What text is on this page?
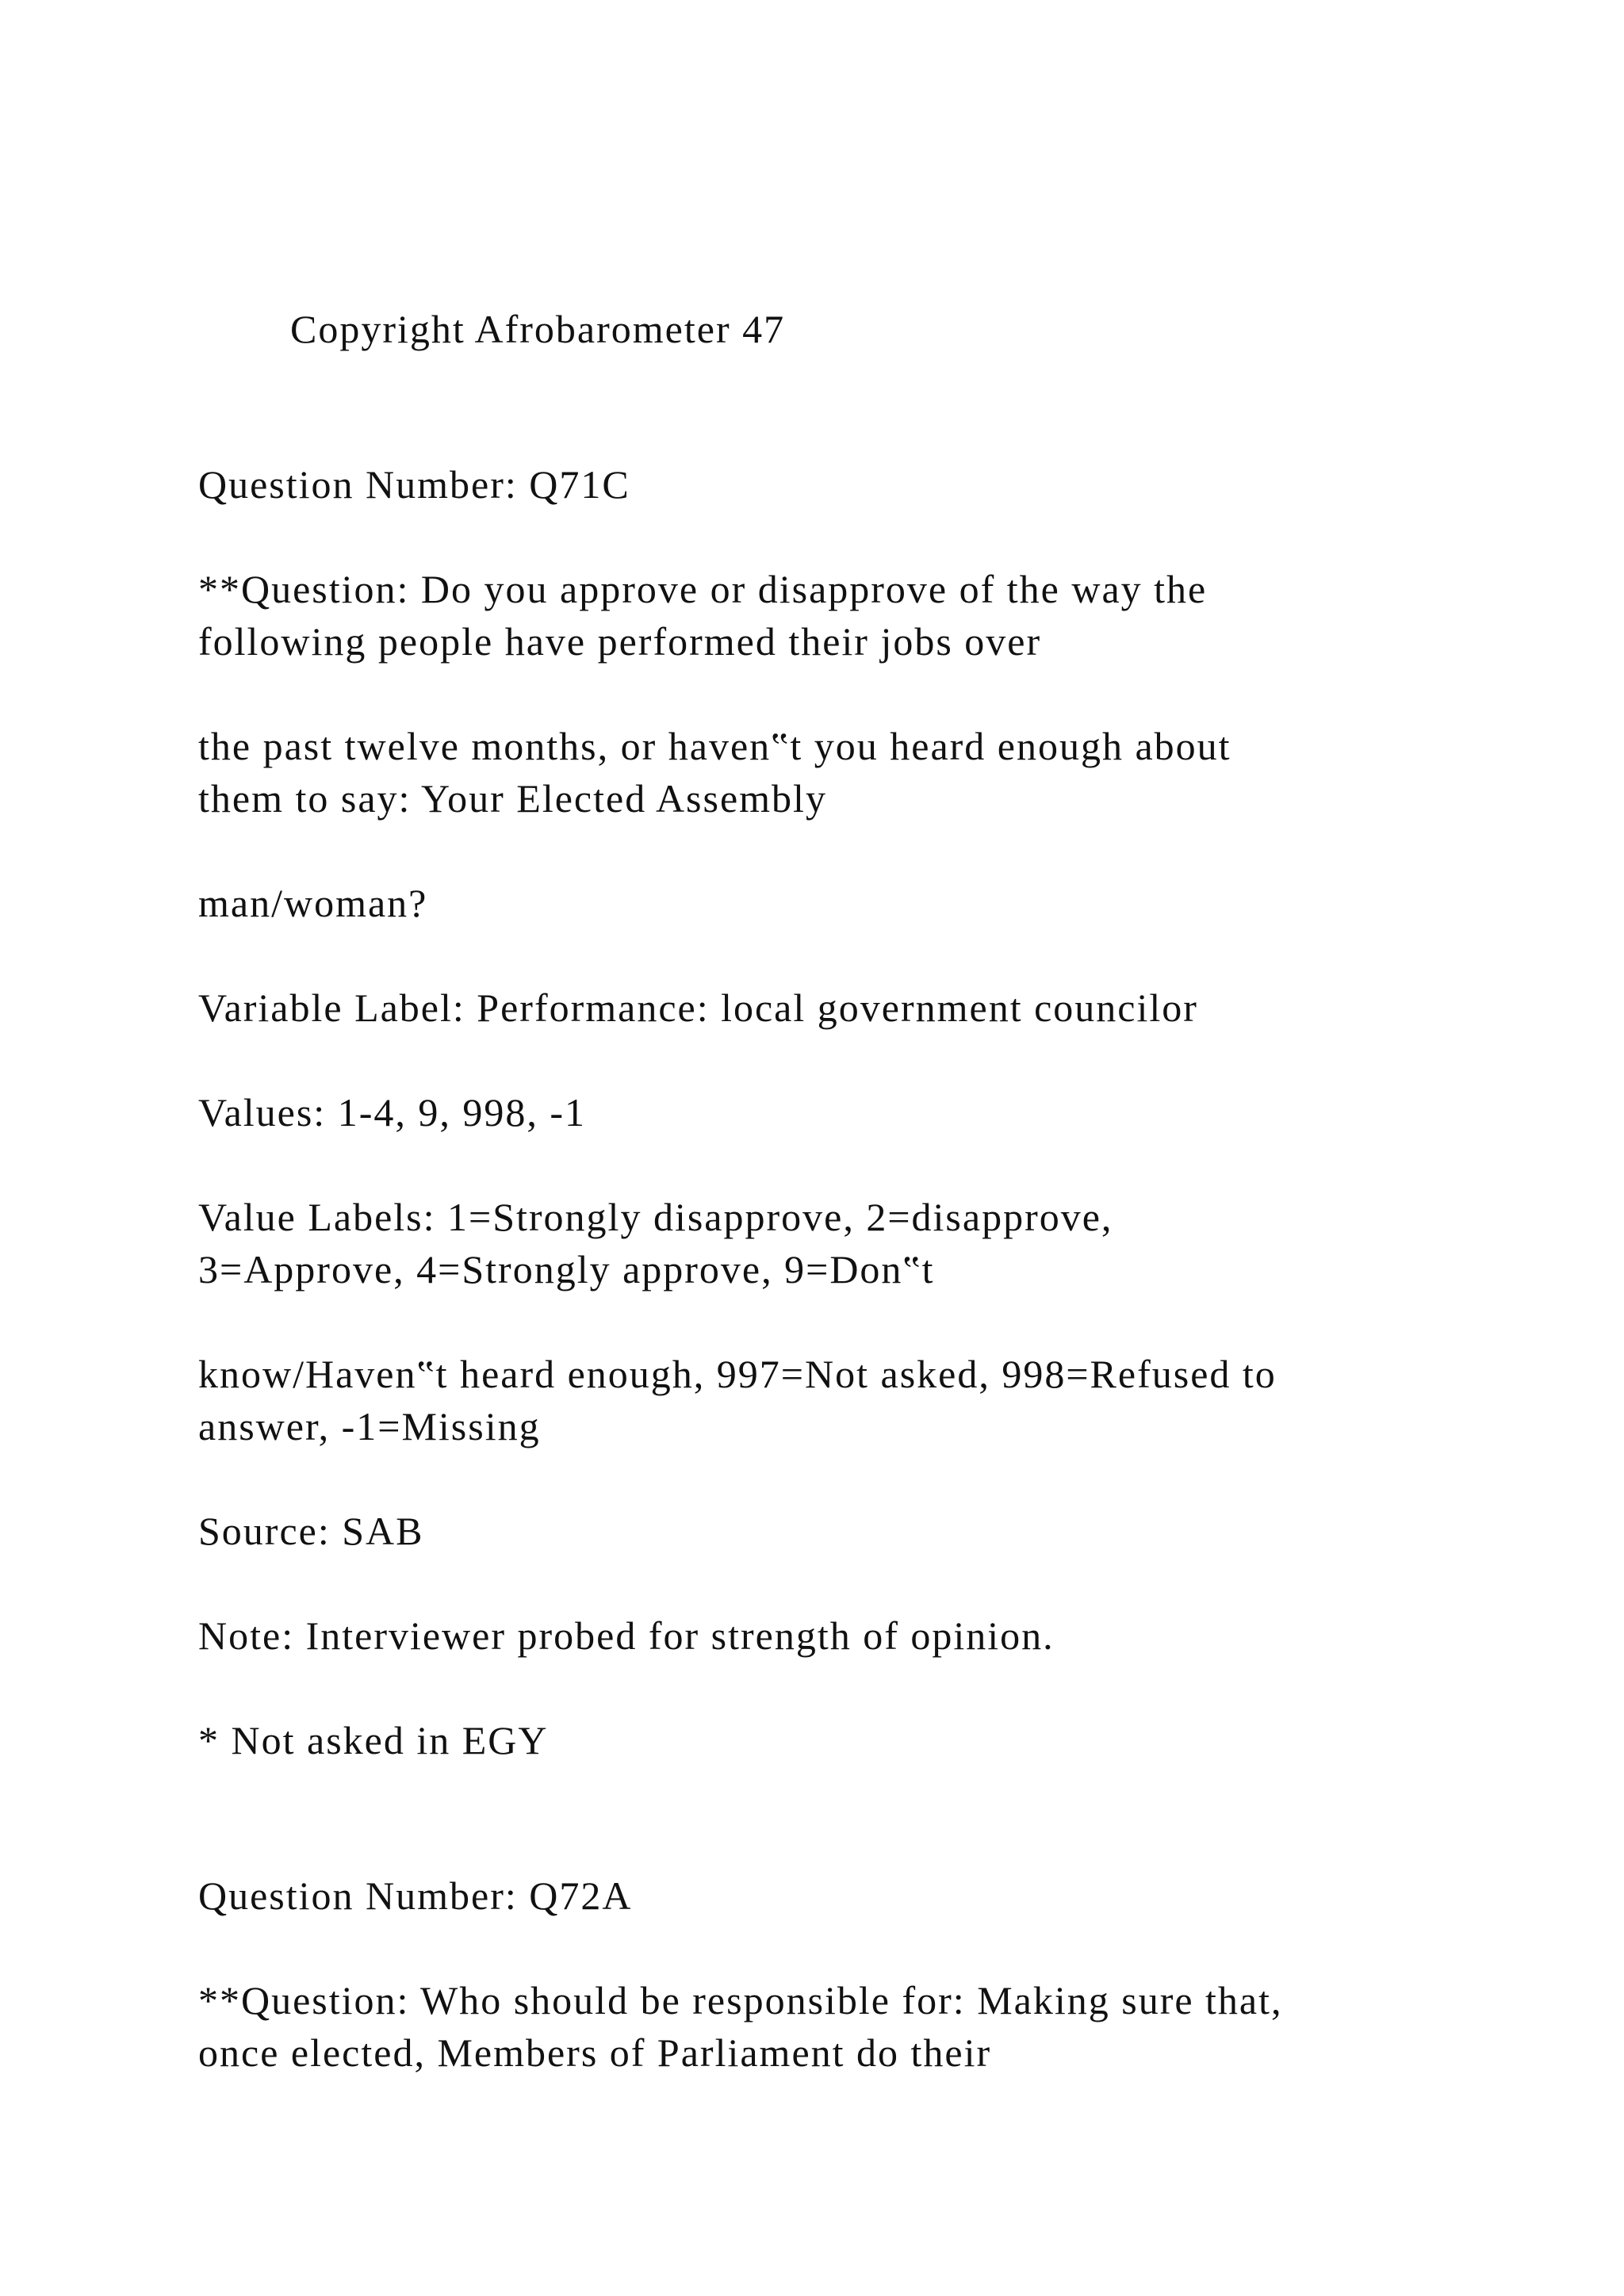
Copyright Afrobarometer 47
Question Number: Q71C
**Question: Do you approve or disapprove of the way the
following people have performed their jobs over
the past twelve months, or haven‟t you heard enough about
them to say: Your Elected Assembly
man/woman?
Variable Label: Performance: local government councilor
Values: 1-4, 9, 998, -1
Value Labels: 1=Strongly disapprove, 2=disapprove,
3=Approve, 4=Strongly approve, 9=Don‟t
know/Haven‟t heard enough, 997=Not asked, 998=Refused to
answer, -1=Missing
Source: SAB
Note: Interviewer probed for strength of opinion.
* Not asked in EGY
Question Number: Q72A
**Question: Who should be responsible for: Making sure that,
once elected, Members of Parliament do their
